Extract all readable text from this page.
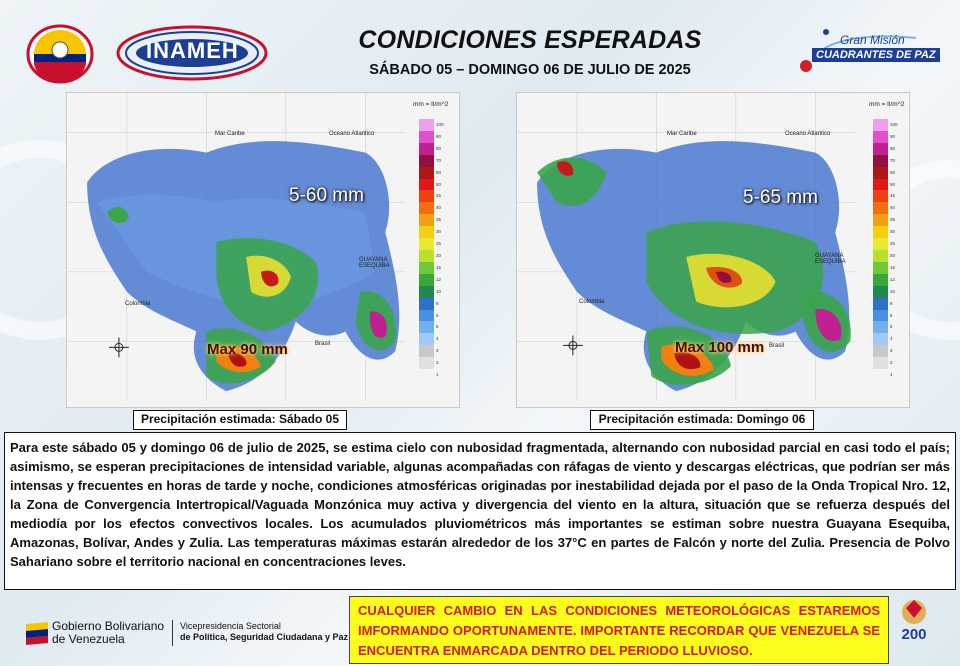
INAMEH	CONDICIONES ESPERADAS
SÁBADO 05 – DOMINGO 06 DE JULIO DE 2025
Gran Misión
CUADRANTES DE PAZ
Mar Caribe	Oceano Atlantico
Colombia
Brasil
GUAYANA ESEQUIBA
5-60 mm
Max 90 mm
mm = lt/m^2
100
90
80
70
60
50
45
40
35
30
25
20
15
12
10
8
6
5
4
3
2
1
Precipitación estimada: Sábado 05
Mar Caribe	Oceano Atlantico
Colombia
Brasil
GUAYANA ESEQUIBA
5-65 mm
Max 100 mm
mm = lt/m^2
100
90
80
70
60
50
45
40
35
30
25
20
15
12
10
8
6
5
4
3
2
1
Precipitación estimada: Domingo 06
Para este sábado 05 y domingo 06 de julio de 2025, se estima cielo con nubosidad fragmentada, alternando con nubosidad parcial en casi todo el país; asimismo, se esperan precipitaciones de intensidad variable, algunas acompañadas con ráfagas de viento y descargas eléctricas, que podrían ser más intensas y frecuentes en horas de tarde y noche, condiciones atmosféricas originadas por inestabilidad dejada por el paso de la Onda Tropical Nro. 12, la Zona de Convergencia Intertropical/Vaguada Monzónica muy activa y divergencia del viento en la altura, situación que se refuerza después del mediodía por los efectos convectivos locales. Los acumulados pluviométricos más importantes se estiman sobre nuestra Guayana Esequiba, Amazonas, Bolívar, Andes y Zulia. Las temperaturas máximas estarán alrededor de los 37°C en partes de Falcón y norte del Zulia. Presencia de Polvo Sahariano sobre el territorio nacional en concentraciones leves.
Gobierno Bolivariano
de Venezuela
Vicepresidencia Sectorial
de Política, Seguridad Ciudadana y Paz
CUALQUIER CAMBIO EN LAS CONDICIONES METEOROLÓGICAS ESTAREMOS IMFORMANDO OPORTUNAMENTE. IMPORTANTE RECORDAR QUE VENEZUELA SE ENCUENTRA ENMARCADA DENTRO DEL PERIODO LLUVIOSO.
200
